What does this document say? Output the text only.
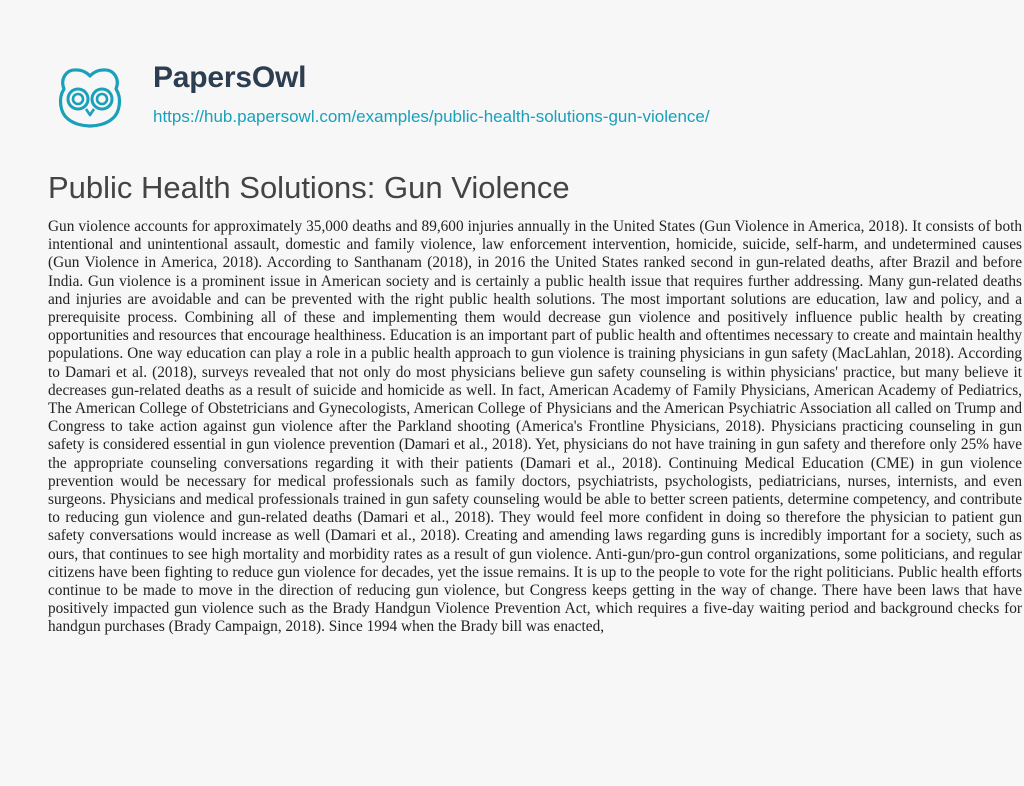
PapersOwl
https://hub.papersowl.com/examples/public-health-solutions-gun-violence/
Public Health Solutions: Gun Violence

Gun violence accounts for approximately 35,000 deaths and 89,600 injuries annually in the United States (Gun Violence in America, 2018). It consists of both intentional and unintentional assault, domestic and family violence, law enforcement intervention, homicide, suicide, self-harm, and undetermined causes (Gun Violence in America, 2018). According to Santhanam (2018), in 2016 the United States ranked second in gun-related deaths, after Brazil and before India. Gun violence is a prominent issue in American society and is certainly a public health issue that requires further addressing. Many gun-related deaths and injuries are avoidable and can be prevented with the right public health solutions. The most important solutions are education, law and policy, and a prerequisite process. Combining all of these and implementing them would decrease gun violence and positively influence public health by creating opportunities and resources that encourage healthiness. Education is an important part of public health and oftentimes necessary to create and maintain healthy populations. One way education can play a role in a public health approach to gun violence is training physicians in gun safety (MacLahlan, 2018). According to Damari et al. (2018), surveys revealed that not only do most physicians believe gun safety counseling is within physicians' practice, but many believe it decreases gun-related deaths as a result of suicide and homicide as well. In fact, American Academy of Family Physicians, American Academy of Pediatrics, The American College of Obstetricians and Gynecologists, American College of Physicians and the American Psychiatric Association all called on Trump and Congress to take action against gun violence after the Parkland shooting (America's Frontline Physicians, 2018). Physicians practicing counseling in gun safety is considered essential in gun violence prevention (Damari et al., 2018). Yet, physicians do not have training in gun safety and therefore only 25% have the appropriate counseling conversations regarding it with their patients (Damari et al., 2018). Continuing Medical Education (CME) in gun violence prevention would be necessary for medical professionals such as family doctors, psychiatrists, psychologists, pediatricians, nurses, internists, and even surgeons. Physicians and medical professionals trained in gun safety counseling would be able to better screen patients, determine competency, and contribute to reducing gun violence and gun-related deaths (Damari et al., 2018). They would feel more confident in doing so therefore the physician to patient gun safety conversations would increase as well (Damari et al., 2018). Creating and amending laws regarding guns is incredibly important for a society, such as ours, that continues to see high mortality and morbidity rates as a result of gun violence. Anti-gun/pro-gun control organizations, some politicians, and regular citizens have been fighting to reduce gun violence for decades, yet the issue remains. It is up to the people to vote for the right politicians. Public health efforts continue to be made to move in the direction of reducing gun violence, but Congress keeps getting in the way of change. There have been laws that have positively impacted gun violence such as the Brady Handgun Violence Prevention Act, which requires a five-day waiting period and background checks for handgun purchases (Brady Campaign, 2018). Since 1994 when the Brady bill was enacted,
